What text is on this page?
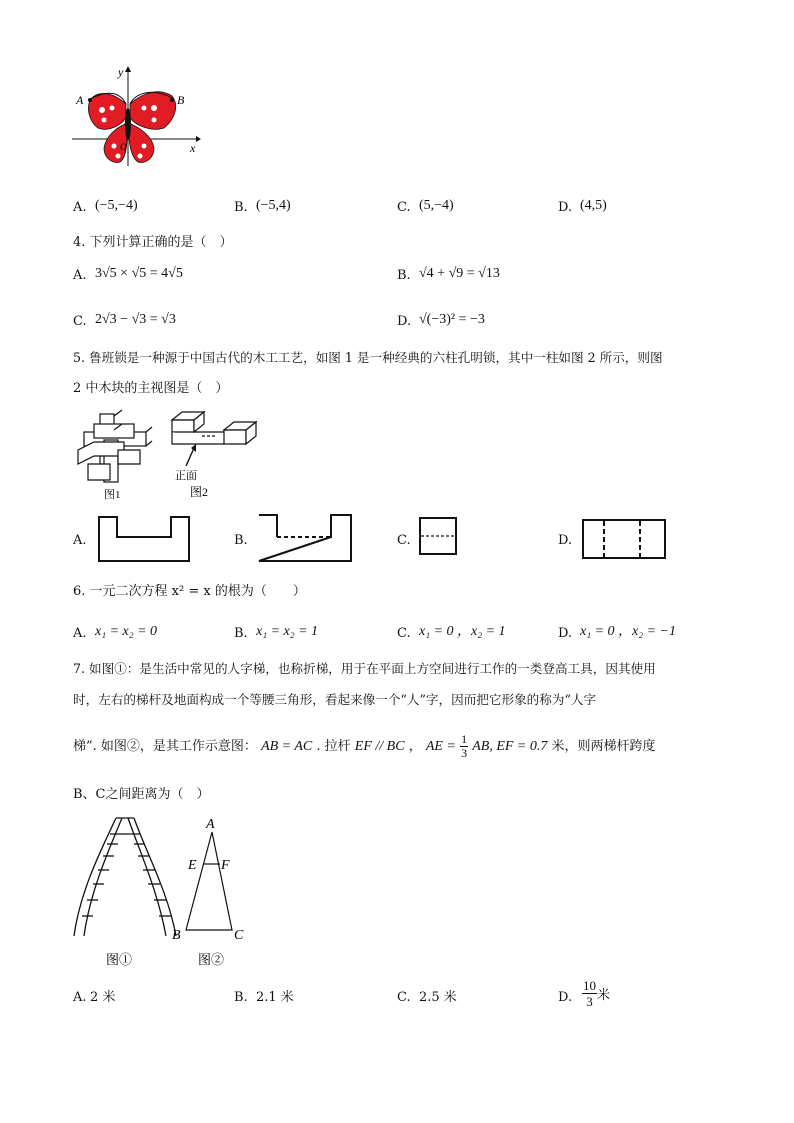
y
x
A	B
O
A. (−5,−4)	B. (−5,4)	C. (5,−4)	D. (4,5)
4. 下列计算正确的是（　）
A. 3√5 × √5 = 4√5	B. √4 + √9 = √13
C. 2√3 − √3 = √3	D. √(−3)² = −3
5. 鲁班锁是一种源于中国古代的木工工艺，如图 1 是一种经典的六柱孔明锁，其中一柱如图 2 所示，则图
2 中木块的主视图是（　）
正面
图1	图2
A.	B.	C.	D.
6. 一元二次方程 x² = x 的根为（　　）
A. x₁ = x₂ = 0	B. x₁ = x₂ = 1	C. x₁ = 0 ，x₂ = 1	D. x₁ = 0 ，x₂ = −1
7. 如图①：是生活中常见的人字梯，也称折梯，用于在平面上方空间进行工作的一类登高工具，因其使用
时，左右的梯杆及地面构成一个等腰三角形，看起来像一个“人”字，因而把它形象的称为“人字
梯”. 如图②，是其工作示意图： AB = AC . 拉杆 EF // BC ， AE = $\frac{1}{3}$ AB, EF = 0.7 米，则两梯杆跨度
B、C之间距离为（　）
图①
A
E F
B	C
图②
A. 2 米	B. 2.1 米	C. 2.5 米	D. $\frac{10}{3}$ 米
